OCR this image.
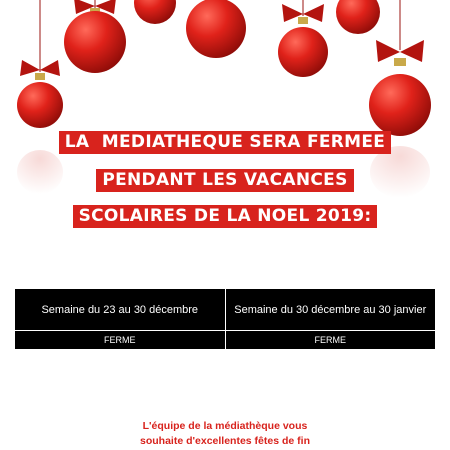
LA  MEDIATHEQUE SERA FERMEE
PENDANT LES VACANCES
SCOLAIRES DE LA NOEL 2019:
Semaine du 23 au 30 décembre	Semaine du 30 décembre au 30 janvier
FERME	FERME
L'équipe de la médiathèque vous
souhaite d'excellentes fêtes de fin
